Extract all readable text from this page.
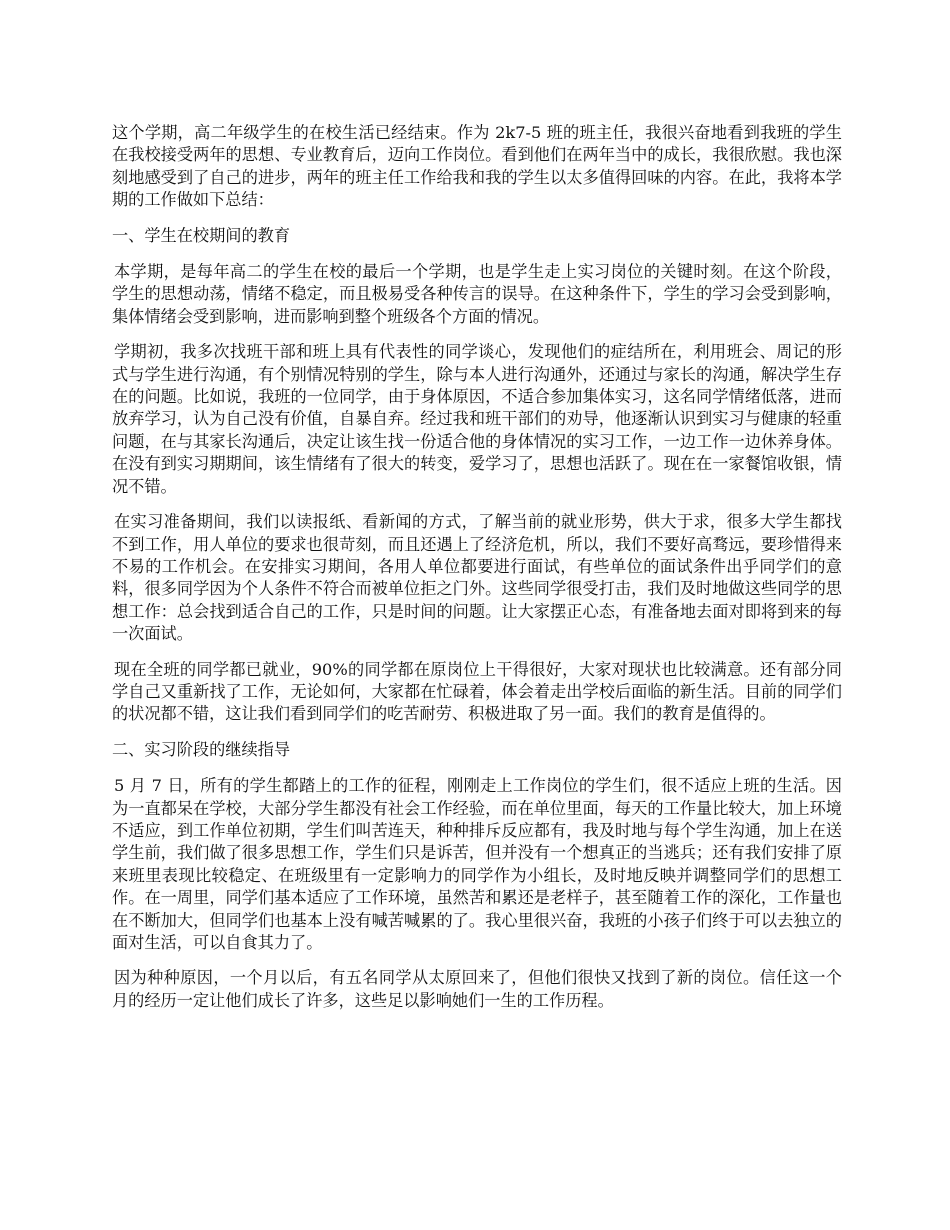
这个学期，高二年级学生的在校生活已经结束。作为 2k7-5 班的班主任，我很兴奋地看到我班的学生在我校接受两年的思想、专业教育后，迈向工作岗位。看到他们在两年当中的成长，我很欣慰。我也深刻地感受到了自己的进步，两年的班主任工作给我和我的学生以太多值得回味的内容。在此，我将本学期的工作做如下总结：

一、学生在校期间的教育

本学期，是每年高二的学生在校的最后一个学期，也是学生走上实习岗位的关键时刻。在这个阶段，学生的思想动荡，情绪不稳定，而且极易受各种传言的误导。在这种条件下，学生的学习会受到影响，集体情绪会受到影响，进而影响到整个班级各个方面的情况。

学期初，我多次找班干部和班上具有代表性的同学谈心，发现他们的症结所在，利用班会、周记的形式与学生进行沟通，有个别情况特别的学生，除与本人进行沟通外，还通过与家长的沟通，解决学生存在的问题。比如说，我班的一位同学，由于身体原因，不适合参加集体实习，这名同学情绪低落，进而放弃学习，认为自己没有价值，自暴自弃。经过我和班干部们的劝导，他逐渐认识到实习与健康的轻重问题，在与其家长沟通后，决定让该生找一份适合他的身体情况的实习工作，一边工作一边休养身体。在没有到实习期期间，该生情绪有了很大的转变，爱学习了，思想也活跃了。现在在一家餐馆收银，情况不错。

在实习准备期间，我们以读报纸、看新闻的方式，了解当前的就业形势，供大于求，很多大学生都找不到工作，用人单位的要求也很苛刻，而且还遇上了经济危机，所以，我们不要好高骛远，要珍惜得来不易的工作机会。在安排实习期间，各用人单位都要进行面试，有些单位的面试条件出乎同学们的意料，很多同学因为个人条件不符合而被单位拒之门外。这些同学很受打击，我们及时地做这些同学的思想工作：总会找到适合自己的工作，只是时间的问题。让大家摆正心态，有准备地去面对即将到来的每一次面试。

现在全班的同学都已就业，90%的同学都在原岗位上干得很好，大家对现状也比较满意。还有部分同学自己又重新找了工作，无论如何，大家都在忙碌着，体会着走出学校后面临的新生活。目前的同学们的状况都不错，这让我们看到同学们的吃苦耐劳、积极进取了另一面。我们的教育是值得的。

二、实习阶段的继续指导

5 月 7 日，所有的学生都踏上的工作的征程，刚刚走上工作岗位的学生们，很不适应上班的生活。因为一直都呆在学校，大部分学生都没有社会工作经验，而在单位里面，每天的工作量比较大，加上环境不适应，到工作单位初期，学生们叫苦连天，种种排斥反应都有，我及时地与每个学生沟通，加上在送学生前，我们做了很多思想工作，学生们只是诉苦，但并没有一个想真正的当逃兵；还有我们安排了原来班里表现比较稳定、在班级里有一定影响力的同学作为小组长，及时地反映并调整同学们的思想工作。在一周里，同学们基本适应了工作环境，虽然苦和累还是老样子，甚至随着工作的深化，工作量也在不断加大，但同学们也基本上没有喊苦喊累的了。我心里很兴奋，我班的小孩子们终于可以去独立的面对生活，可以自食其力了。

因为种种原因，一个月以后，有五名同学从太原回来了，但他们很快又找到了新的岗位。信任这一个月的经历一定让他们成长了许多，这些足以影响她们一生的工作历程。
